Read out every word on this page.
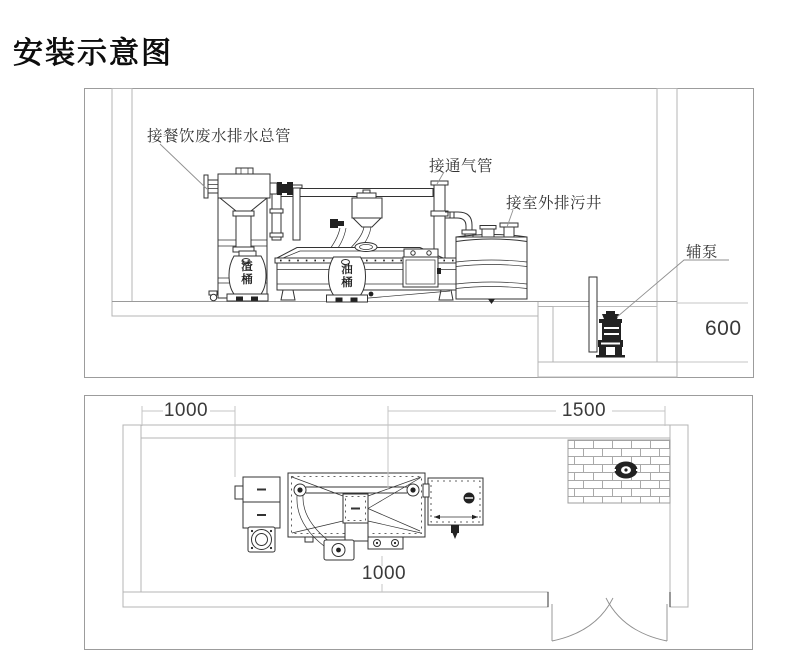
安装示意图
接餐饮废水排水总管
接通气管
接室外排污井
辅泵
600
1000	1500
1000
渣桶
油桶
